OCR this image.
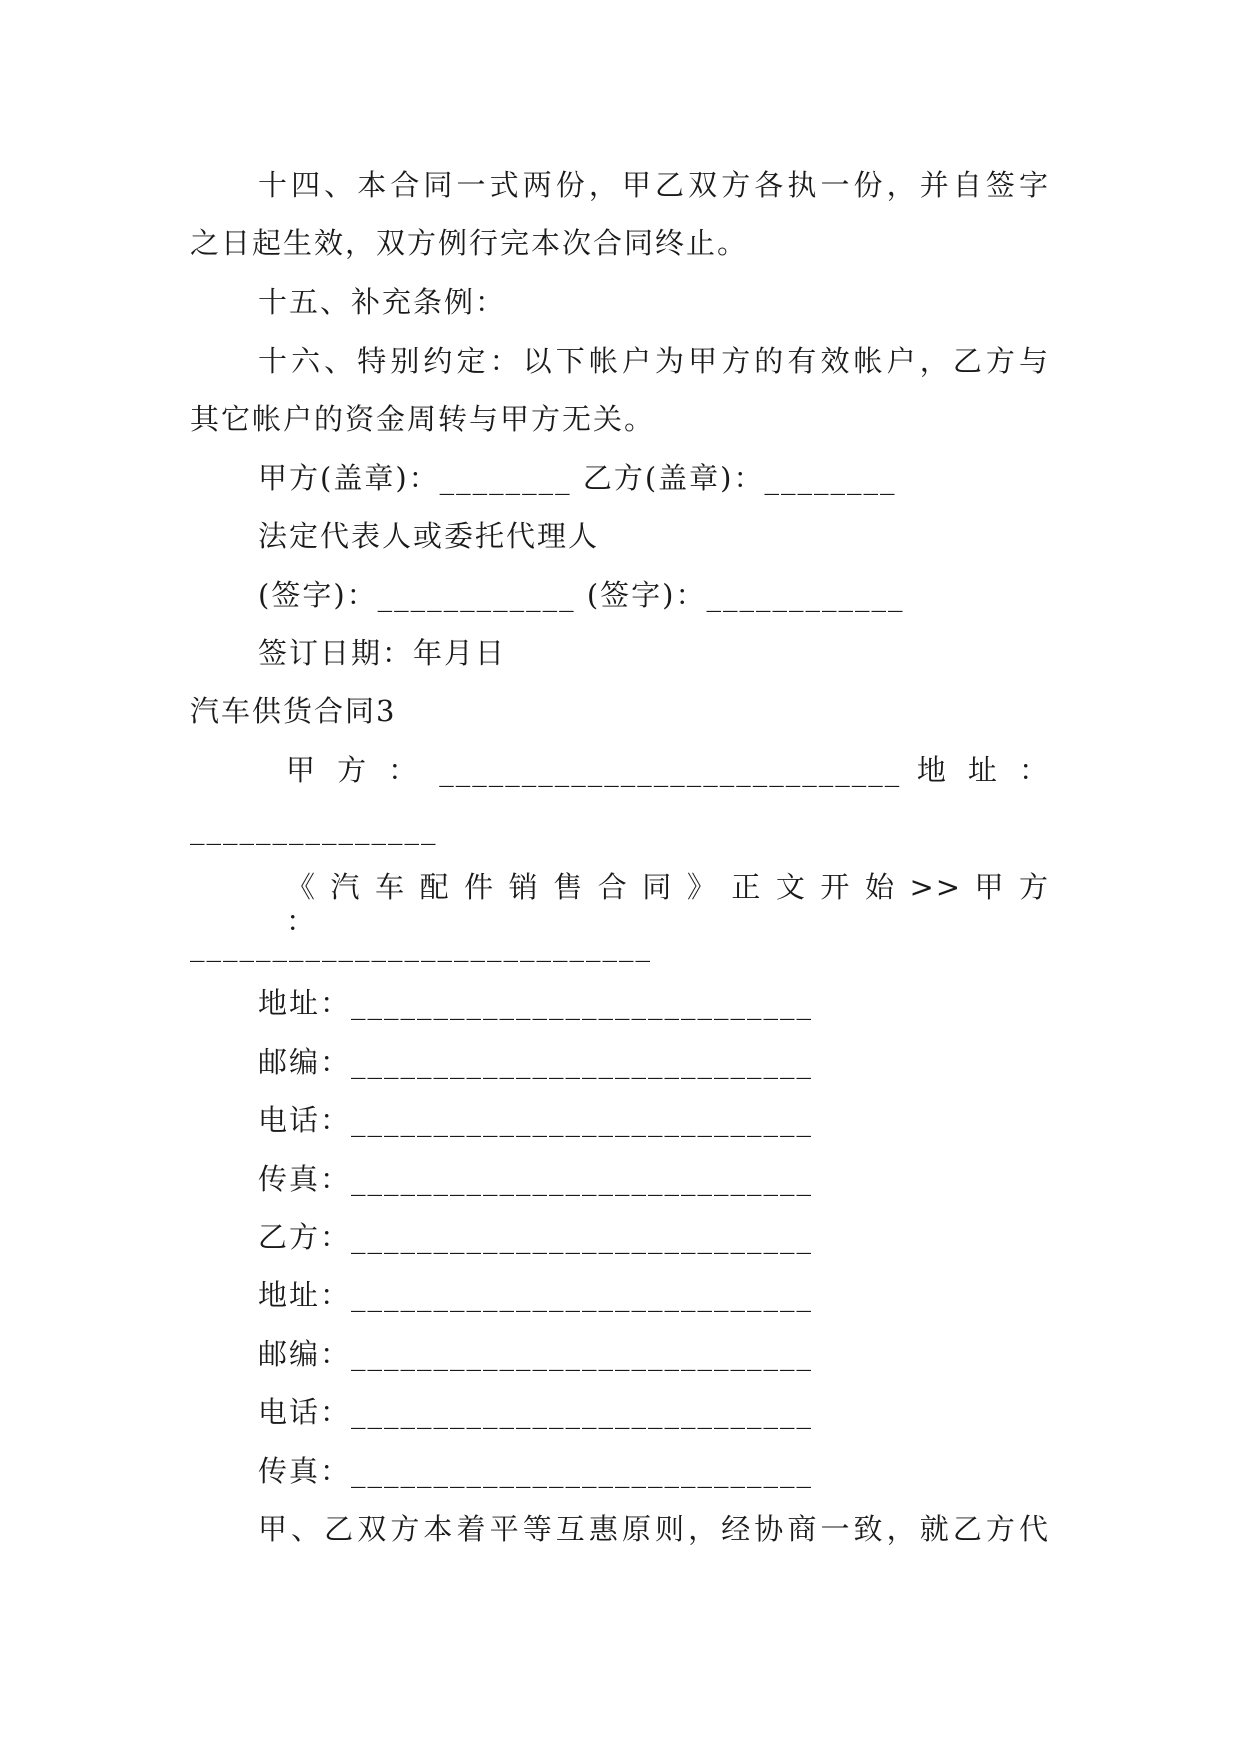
十四、本合同一式两份，甲乙双方各执一份，并自签字
之日起生效，双方例行完本次合同终止。
十五、补充条例：
十六、特别约定：以下帐户为甲方的有效帐户，乙方与
其它帐户的资金周转与甲方无关。
甲方(盖章)：________ 乙方(盖章)：________
法定代表人或委托代理人
(签字)：____________ (签字)：____________
签订日期：年月日
汽车供货合同3
甲 方 ： ____________________________ 地 址 ：
_______________
《 汽 车 配 件 销 售 合 同 》 正 文 开 始 >> 甲 方 ：
____________________________
地址：____________________________
邮编：____________________________
电话：____________________________
传真：____________________________
乙方：____________________________
地址：____________________________
邮编：____________________________
电话：____________________________
传真：____________________________
甲、乙双方本着平等互惠原则，经协商一致，就乙方代
